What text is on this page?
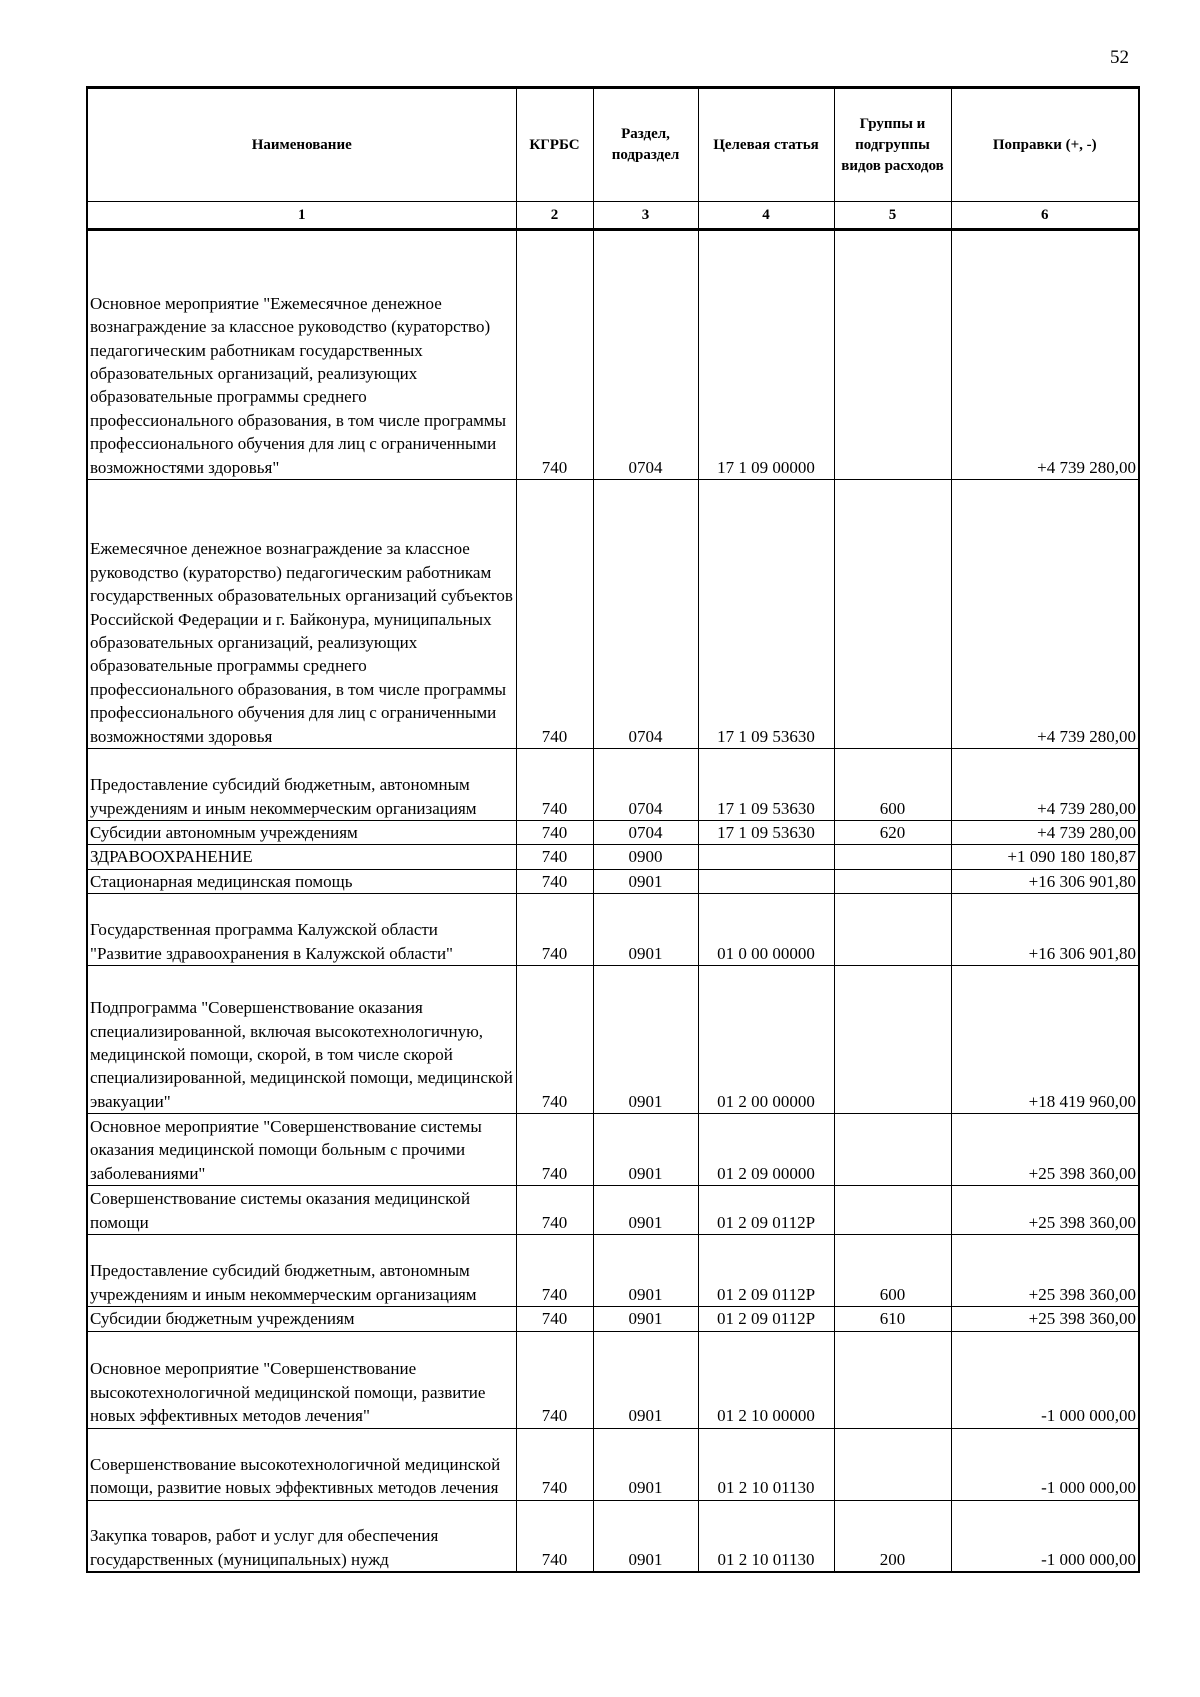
52
Наименование	КГРБС	Раздел, подраздел	Целевая статья	Группы и подгруппы видов расходов	Поправки (+, -)
1	2	3	4	5	6
Основное мероприятие "Ежемесячное денежное вознаграждение за классное руководство (кураторство) педагогическим работникам государственных образовательных организаций, реализующих образовательные программы среднего профессионального образования, в том числе программы профессионального обучения для лиц с ограниченными возможностями здоровья"	740	0704	17 1 09 00000		+4 739 280,00
Ежемесячное денежное вознаграждение за классное руководство (кураторство) педагогическим работникам государственных образовательных организаций субъектов Российской Федерации и г. Байконура, муниципальных образовательных организаций, реализующих образовательные программы среднего профессионального образования, в том числе программы профессионального обучения для лиц с ограниченными возможностями здоровья	740	0704	17 1 09 53630		+4 739 280,00
Предоставление субсидий бюджетным, автономным учреждениям и иным некоммерческим организациям	740	0704	17 1 09 53630	600	+4 739 280,00
Субсидии автономным учреждениям	740	0704	17 1 09 53630	620	+4 739 280,00
ЗДРАВООХРАНЕНИЕ	740	0900			+1 090 180 180,87
Стационарная медицинская помощь	740	0901			+16 306 901,80
Государственная программа Калужской области "Развитие здравоохранения в Калужской области"	740	0901	01 0 00 00000		+16 306 901,80
Подпрограмма "Совершенствование оказания специализированной, включая высокотехнологичную, медицинской помощи, скорой, в том числе скорой специализированной, медицинской помощи, медицинской эвакуации"	740	0901	01 2 00 00000		+18 419 960,00
Основное мероприятие "Совершенствование системы оказания медицинской помощи больным с прочими заболеваниями"	740	0901	01 2 09 00000		+25 398 360,00
Совершенствование системы оказания медицинской помощи	740	0901	01 2 09 0112P		+25 398 360,00
Предоставление субсидий бюджетным, автономным учреждениям и иным некоммерческим организациям	740	0901	01 2 09 0112P	600	+25 398 360,00
Субсидии бюджетным учреждениям	740	0901	01 2 09 0112P	610	+25 398 360,00
Основное мероприятие "Совершенствование высокотехнологичной медицинской помощи, развитие новых эффективных методов лечения"	740	0901	01 2 10 00000		-1 000 000,00
Совершенствование высокотехнологичной медицинской помощи, развитие новых эффективных методов лечения	740	0901	01 2 10 01130		-1 000 000,00
Закупка товаров, работ и услуг для обеспечения государственных (муниципальных) нужд	740	0901	01 2 10 01130	200	-1 000 000,00
